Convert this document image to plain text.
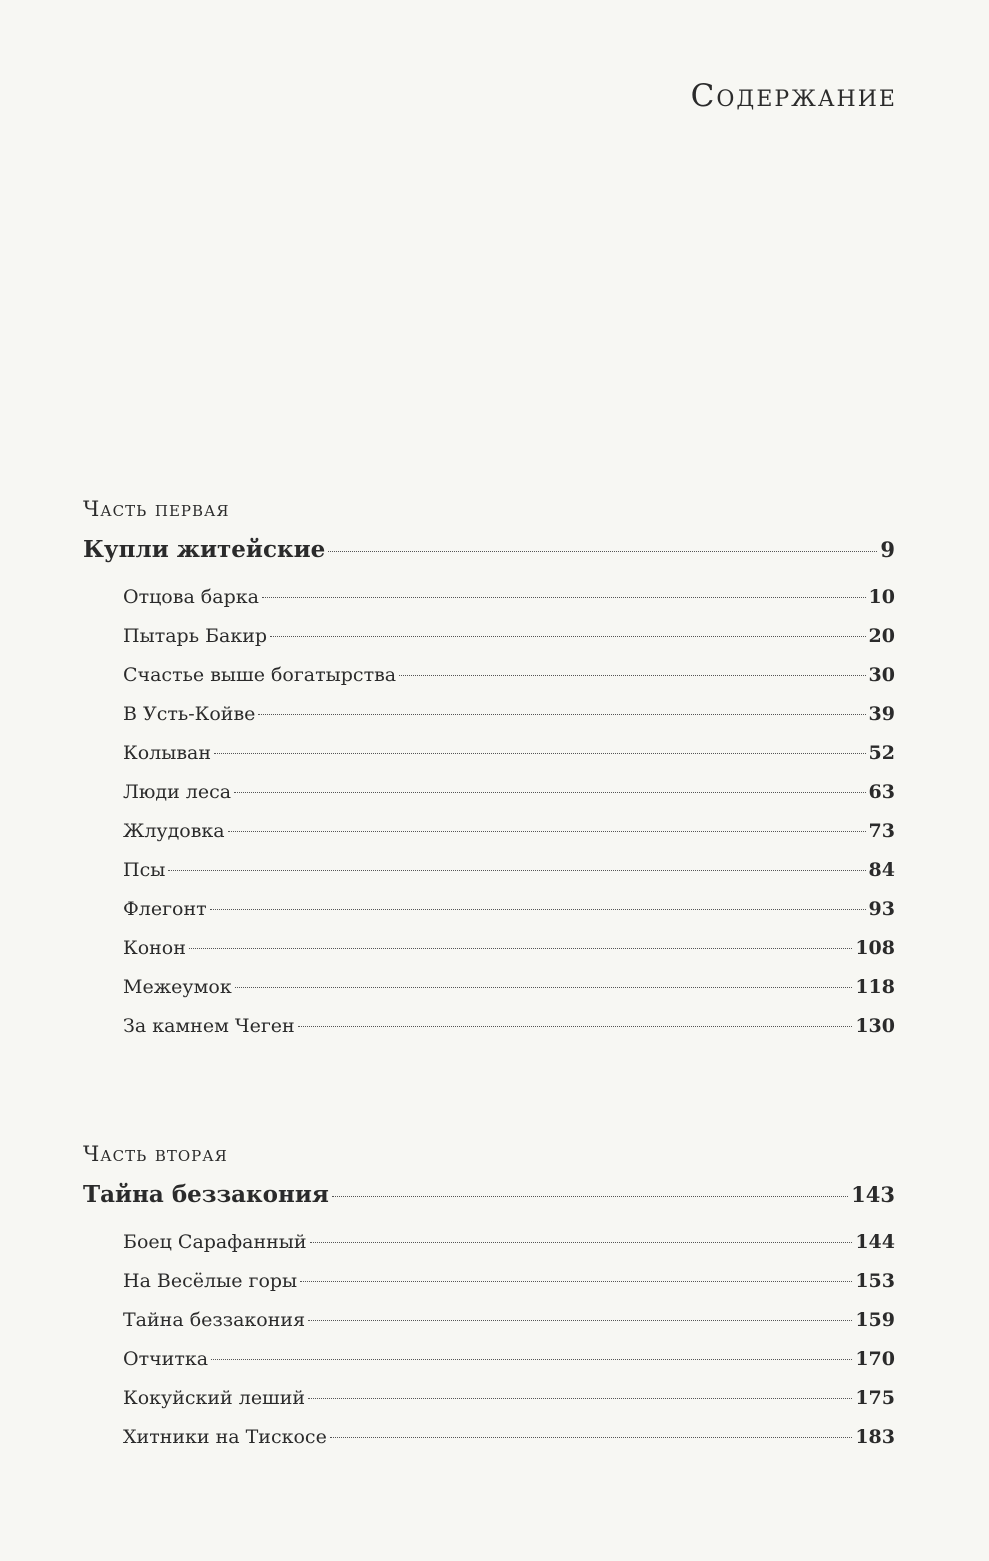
Содержание
Часть первая
Купли житейские	9
Отцова барка	10
Пытарь Бакир	20
Счастье выше богатырства	30
В Усть-Койве	39
Колыван	52
Люди леса	63
Жлудовка	73
Псы	84
Флегонт	93
Конон	108
Межеумок	118
За камнем Чеген	130
Часть вторая
Тайна беззакония	143
Боец Сарафанный	144
На Весёлые горы	153
Тайна беззакония	159
Отчитка	170
Кокуйский леший	175
Хитники на Тискосе	183
